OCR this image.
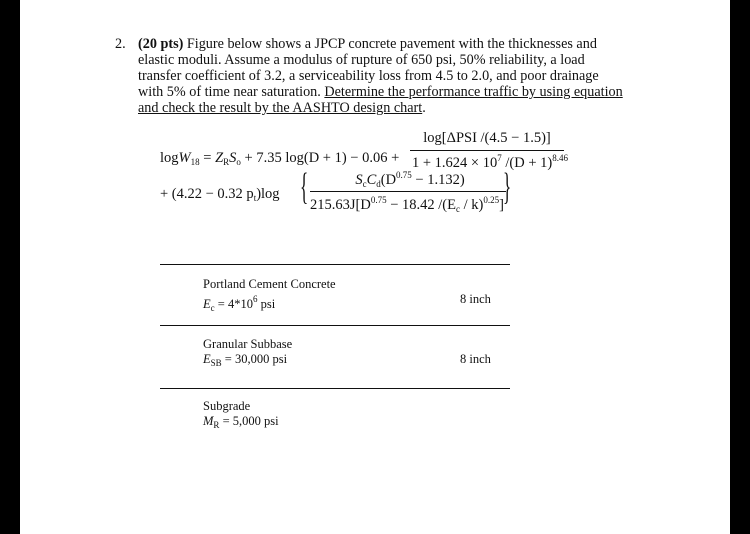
2. (20 pts) Figure below shows a JPCP concrete pavement with the thicknesses and
elastic moduli. Assume a modulus of rupture of 650 psi, 50% reliability, a load
transfer coefficient of 3.2, a serviceability loss from 4.5 to 2.0, and poor drainage
with 5% of time near saturation. Determine the performance traffic by using equation
and check the result by the AASHTO design chart.
$\log W_{18} = Z_RS_o + 7.35$ log(D + 1) − 0.06 +
log[ΔPSI /(4.5 − 1.5)]
$1 + 1.624 \times 10^7$ $/(D + 1)^{8.46}$
+ (4.22 − 0.32 $p_t)\log$ {	$S_cC_d(D^{0.75} - 1.132)$
$215.63J[D^{0.75} - 18.42$ $/(E_c / k)^{0.25}$] }
Portland Cement Concrete
$E_c = 4*10^6$ psi	8 inch
Granular Subbase
$E_{SB} = 30,000$ psi	8 inch
Subgrade
$M_R = 5,000$ psi
